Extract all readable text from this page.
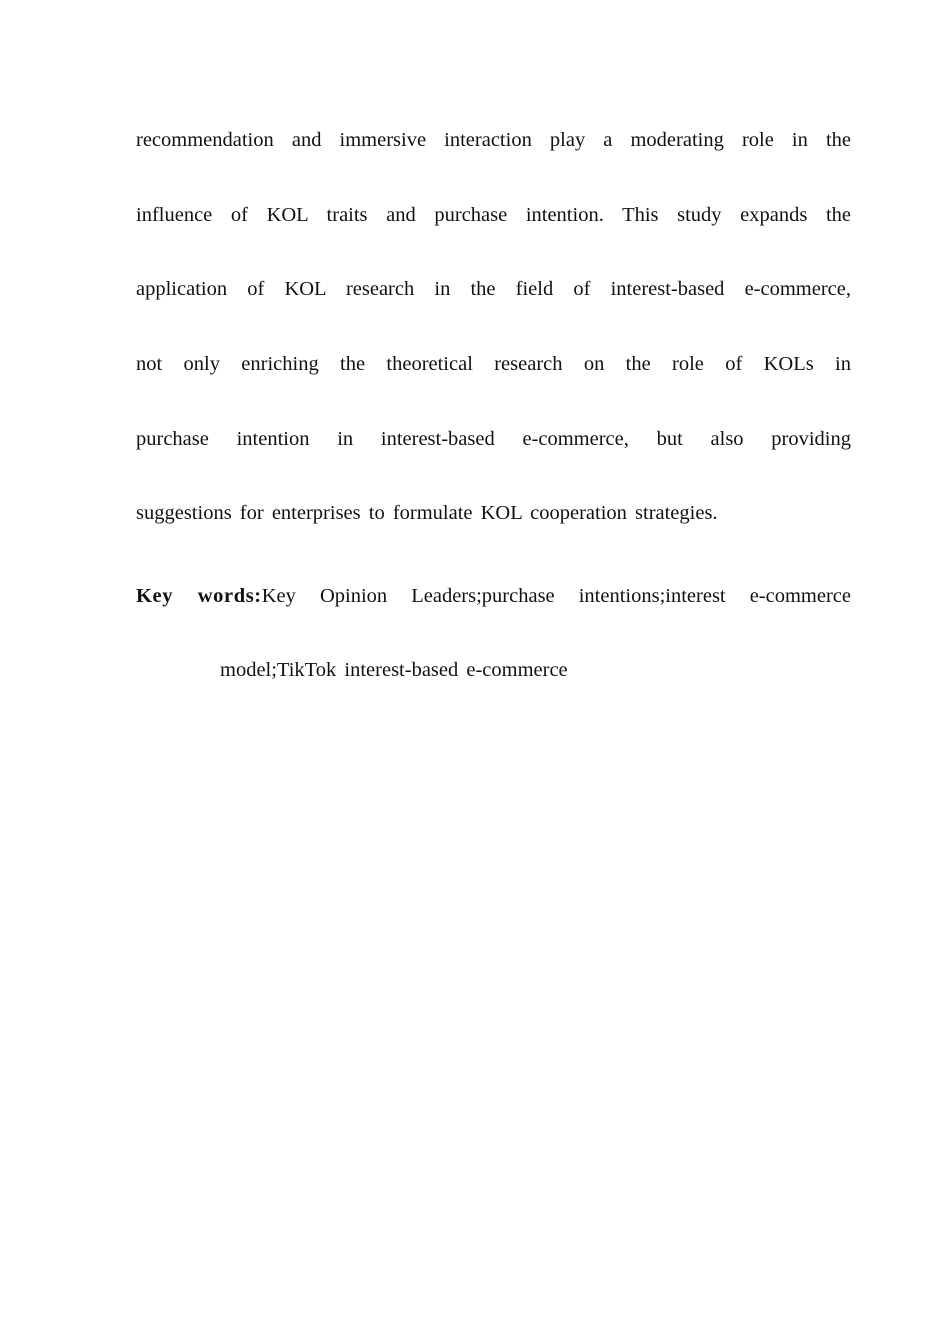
recommendation and immersive interaction play a moderating role in the
influence of KOL traits and purchase intention. This study expands the
application of KOL research in the field of interest-based e-commerce,
not only enriching the theoretical research on the role of KOLs in
purchase intention in interest-based e-commerce, but also providing
suggestions for enterprises to formulate KOL cooperation strategies.
Key words:Key Opinion Leaders;purchase intentions;interest e-commerce
model;TikTok interest-based e-commerce
